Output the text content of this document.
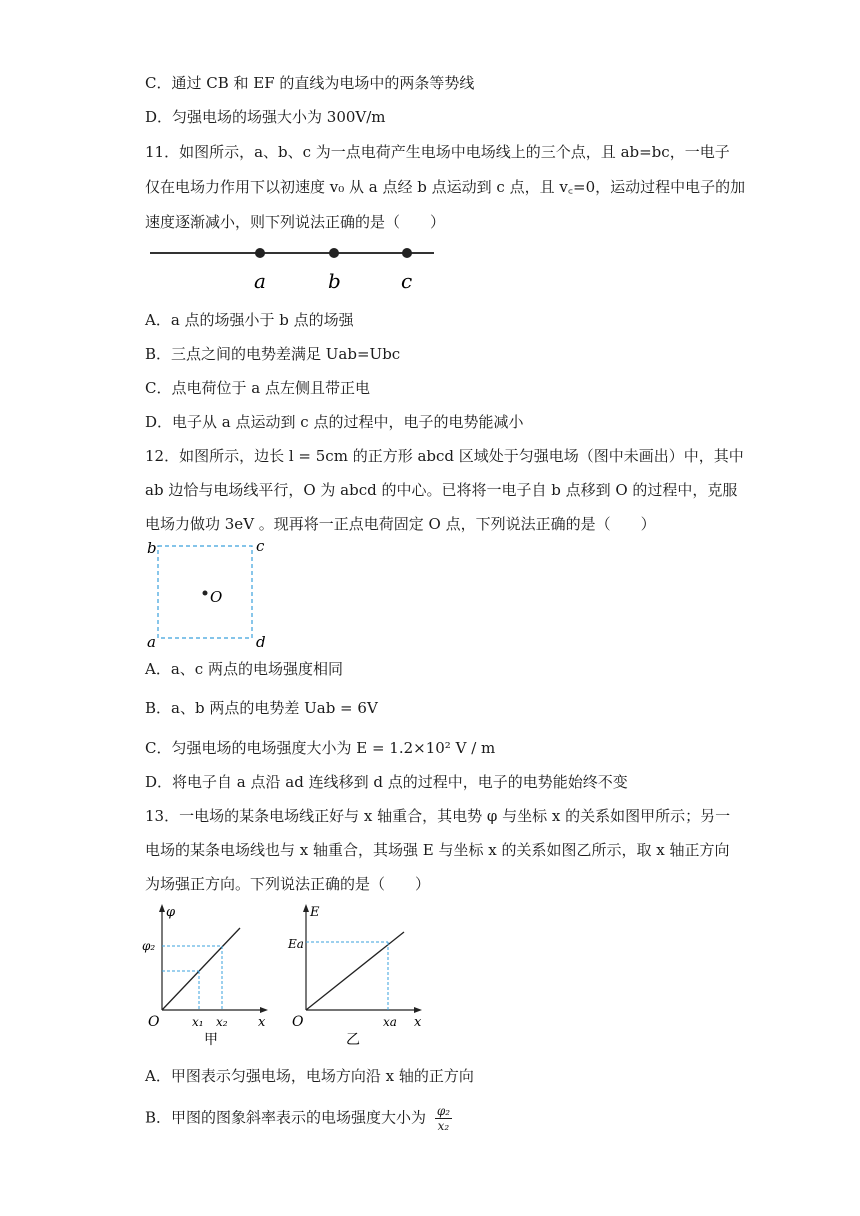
C．通过 CB 和 EF 的直线为电场中的两条等势线
D．匀强电场的场强大小为 300V/m
11．如图所示，a、b、c 为一点电荷产生电场中电场线上的三个点，且 ab=bc，一电子
仅在电场力作用下以初速度 v₀ 从 a 点经 b 点运动到 c 点，且 v꜀=0，运动过程中电子的加
速度逐渐减小，则下列说法正确的是（　　）
a	b	c
A．a 点的场强小于 b 点的场强
B．三点之间的电势差满足 Uab=Ubc
C．点电荷位于 a 点左侧且带正电
D．电子从 a 点运动到 c 点的过程中，电子的电势能减小
12．如图所示，边长 l = 5cm 的正方形 abcd 区域处于匀强电场（图中未画出）中，其中
ab 边恰与电场线平行，O 为 abcd 的中心。已将将一电子自 b 点移到 O 的过程中，克服
电场力做功 3eV 。现再将一正点电荷固定 O 点，下列说法正确的是（　　）
b	c
O
a	d
A．a、c 两点的电场强度相同
B．a、b 两点的电势差 Uab = 6V
C．匀强电场的电场强度大小为 E = 1.2×10² V / m
D．将电子自 a 点沿 ad 连线移到 d 点的过程中，电子的电势能始终不变
13．一电场的某条电场线正好与 x 轴重合，其电势 φ 与坐标 x 的关系如图甲所示；另一
电场的某条电场线也与 x 轴重合，其场强 E 与坐标 x 的关系如图乙所示，取 x 轴正方向
为场强正方向。下列说法正确的是（　　）
φ
φ₂
O	x₁ x₂ x
甲
E
Ea
O	xa x
乙
A．甲图表示匀强电场，电场方向沿 x 轴的正方向
B．甲图的图象斜率表示的电场强度大小为 $\frac{\text{φ₂}}{\text{x₂}}$
